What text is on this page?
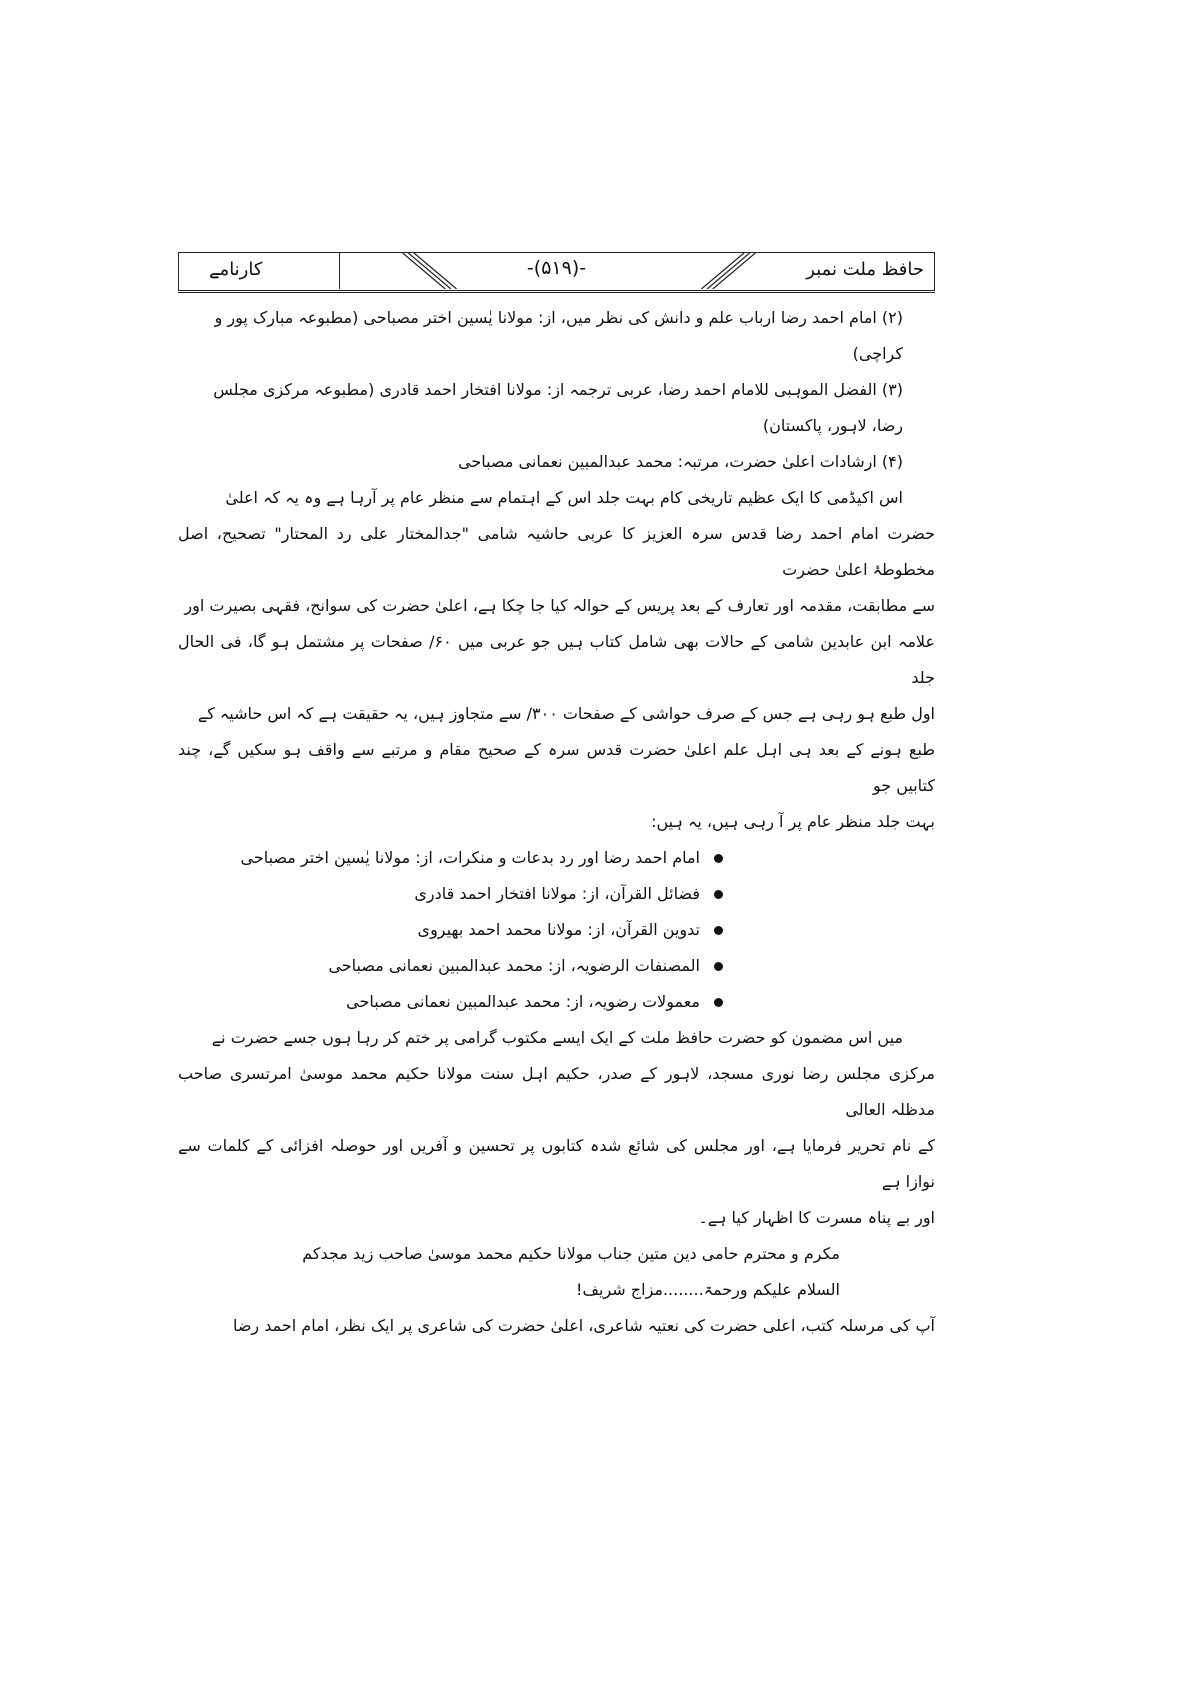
حافظ ملت نمبر
-(۵۱۹)-
کارنامے
(۲) امام احمد رضا ارباب علم و دانش کی نظر میں، از: مولانا یٰسین اختر مصباحی (مطبوعہ مبارک پور و کراچی)
(۳) الفضل الموہبی للامام احمد رضا، عربی ترجمہ از: مولانا افتخار احمد قادری (مطبوعہ مرکزی مجلس رضا، لاہور، پاکستان)
(۴) ارشادات اعلیٰ حضرت، مرتبہ: محمد عبدالمبین نعمانی مصباحی
اس اکیڈمی کا ایک عظیم تاریخی کام بہت جلد اس کے اہتمام سے منظر عام پر آرہا ہے وہ یہ کہ اعلیٰ
حضرت امام احمد رضا قدس سرہ العزیز کا عربی حاشیہ شامی "جدالمختار علی رد المحتار" تصحیح، اصل مخطوطۂ اعلیٰ حضرت
سے مطابقت، مقدمہ اور تعارف کے بعد پریس کے حوالہ کیا جا چکا ہے، اعلیٰ حضرت کی سوانح، فقہی بصیرت اور
علامہ ابن عابدین شامی کے حالات بھی شامل کتاب ہیں جو عربی میں ۶۰/ صفحات پر مشتمل ہو گا، فی الحال جلد
اول طبع ہو رہی ہے جس کے صرف حواشی کے صفحات ۳۰۰/ سے متجاوز ہیں، یہ حقیقت ہے کہ اس حاشیہ کے
طبع ہونے کے بعد ہی اہل علم اعلیٰ حضرت قدس سرہ کے صحیح مقام و مرتبے سے واقف ہو سکیں گے، چند کتابیں جو
بہت جلد منظر عام پر آ رہی ہیں، یہ ہیں:
امام احمد رضا اور رد بدعات و منکرات، از: مولانا یٰسین اختر مصباحی
فضائل القرآن، از: مولانا افتخار احمد قادری
تدوین القرآن، از: مولانا محمد احمد بھیروی
المصنفات الرضویہ، از: محمد عبدالمبین نعمانی مصباحی
معمولات رضویہ، از: محمد عبدالمبین نعمانی مصباحی
میں اس مضمون کو حضرت حافظ ملت کے ایک ایسے مکتوب گرامی پر ختم کر رہا ہوں جسے حضرت نے
مرکزی مجلس رضا نوری مسجد، لاہور کے صدر، حکیم اہل سنت مولانا حکیم محمد موسیٰ امرتسری صاحب مدظلہ العالی
کے نام تحریر فرمایا ہے، اور مجلس کی شائع شدہ کتابوں پر تحسین و آفریں اور حوصلہ افزائی کے کلمات سے نوازا ہے
اور بے پناہ مسرت کا اظہار کیا ہے۔
مکرم و محترم حامی دین متین جناب مولانا حکیم محمد موسیٰ صاحب زید مجدکم
السلام علیکم ورحمۃ........مزاج شریف!
آپ کی مرسلہ کتب، اعلی حضرت کی نعتیہ شاعری، اعلیٰ حضرت کی شاعری پر ایک نظر، امام احمد رضا
